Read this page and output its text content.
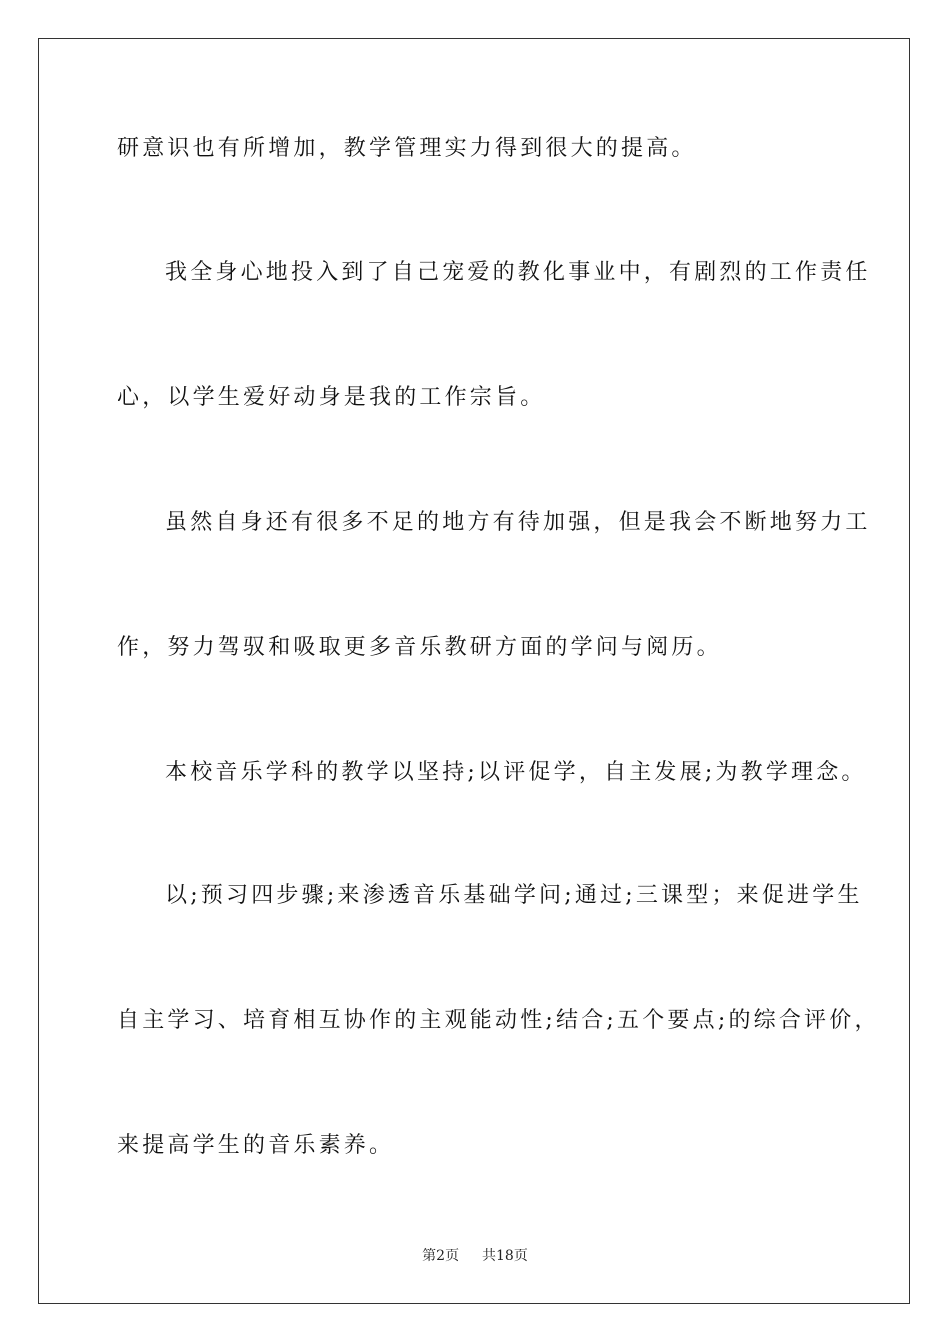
研意识也有所增加，教学管理实力得到很大的提高。
我全身心地投入到了自己宠爱的教化事业中，有剧烈的工作责任
心，以学生爱好动身是我的工作宗旨。
虽然自身还有很多不足的地方有待加强，但是我会不断地努力工
作，努力驾驭和吸取更多音乐教研方面的学问与阅历。
本校音乐学科的教学以坚持;以评促学，自主发展;为教学理念。
以;预习四步骤;来渗透音乐基础学问;通过;三课型；来促进学生
自主学习、培育相互协作的主观能动性;结合;五个要点;的综合评价，
来提高学生的音乐素养。
第2页 共18页
